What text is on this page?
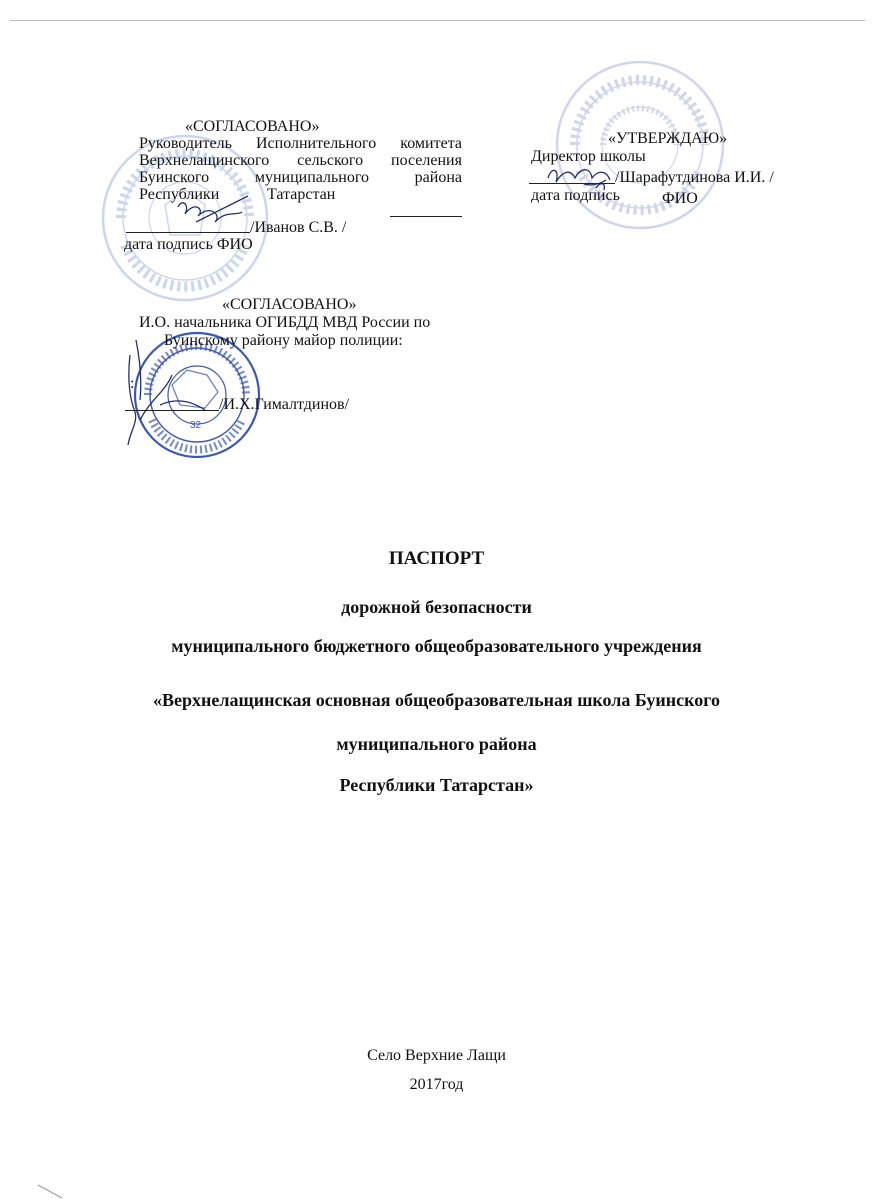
32
«СОГЛАСОВАНО»
Руководитель Исполнительного комитета
Верхнелащинского сельского поселения
Буинского	муниципального	района
Республики	Татарстан
/Иванов С.В. /
дата подпись ФИО
«УТВЕРЖДАЮ»
Директор школы
/Шарафутдинова И.И. /
дата подпись	ФИО
«СОГЛАСОВАНО»
И.О. начальника ОГИБДД МВД России по
Буинскому району майор полиции:
:
/И.Х.Гималтдинов/
ПАСПОРТ
дорожной безопасности
муниципального бюджетного общеобразовательного учреждения
«Верхнелащинская основная общеобразовательная школа Буинского
муниципального района
Республики Татарстан»
Село Верхние Лащи
2017год
